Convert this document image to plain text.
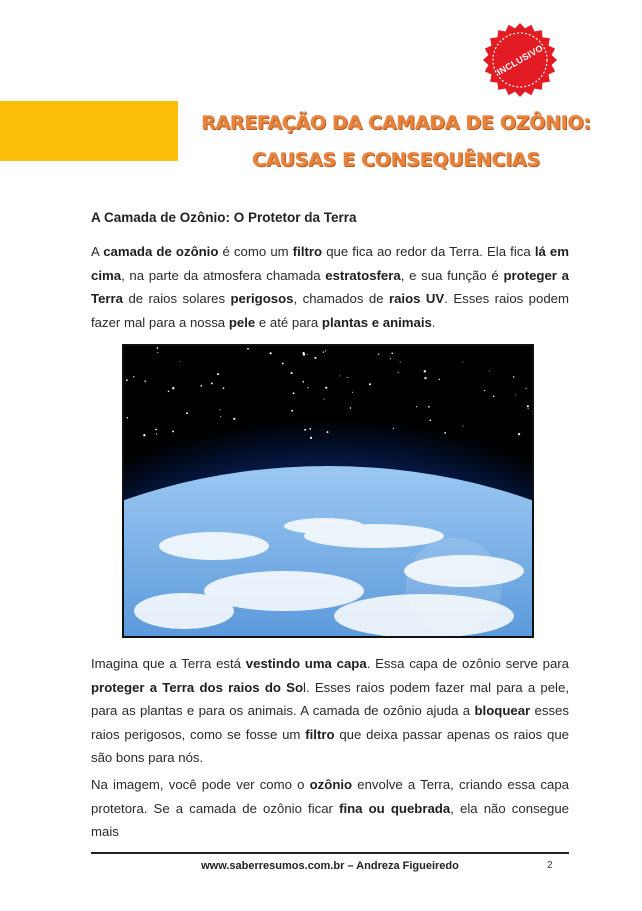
INCLUSIVO
RAREFAÇÃO DA CAMADA DE OZÔNIO:
CAUSAS E CONSEQUÊNCIAS
A Camada de Ozônio: O Protetor da Terra

A camada de ozônio é como um filtro que fica ao redor da Terra. Ela fica lá em cima, na parte da atmosfera chamada estratosfera, e sua função é proteger a Terra de raios solares perigosos, chamados de raios UV. Esses raios podem fazer mal para a nossa pele e até para plantas e animais.

Imagina que a Terra está vestindo uma capa. Essa capa de ozônio serve para proteger a Terra dos raios do Sol. Esses raios podem fazer mal para a pele, para as plantas e para os animais. A camada de ozônio ajuda a bloquear esses raios perigosos, como se fosse um filtro que deixa passar apenas os raios que são bons para nós.

Na imagem, você pode ver como o ozônio envolve a Terra, criando essa capa protetora. Se a camada de ozônio ficar fina ou quebrada, ela não consegue mais

www.saberresumos.com.br – Andreza Figueiredo	2
